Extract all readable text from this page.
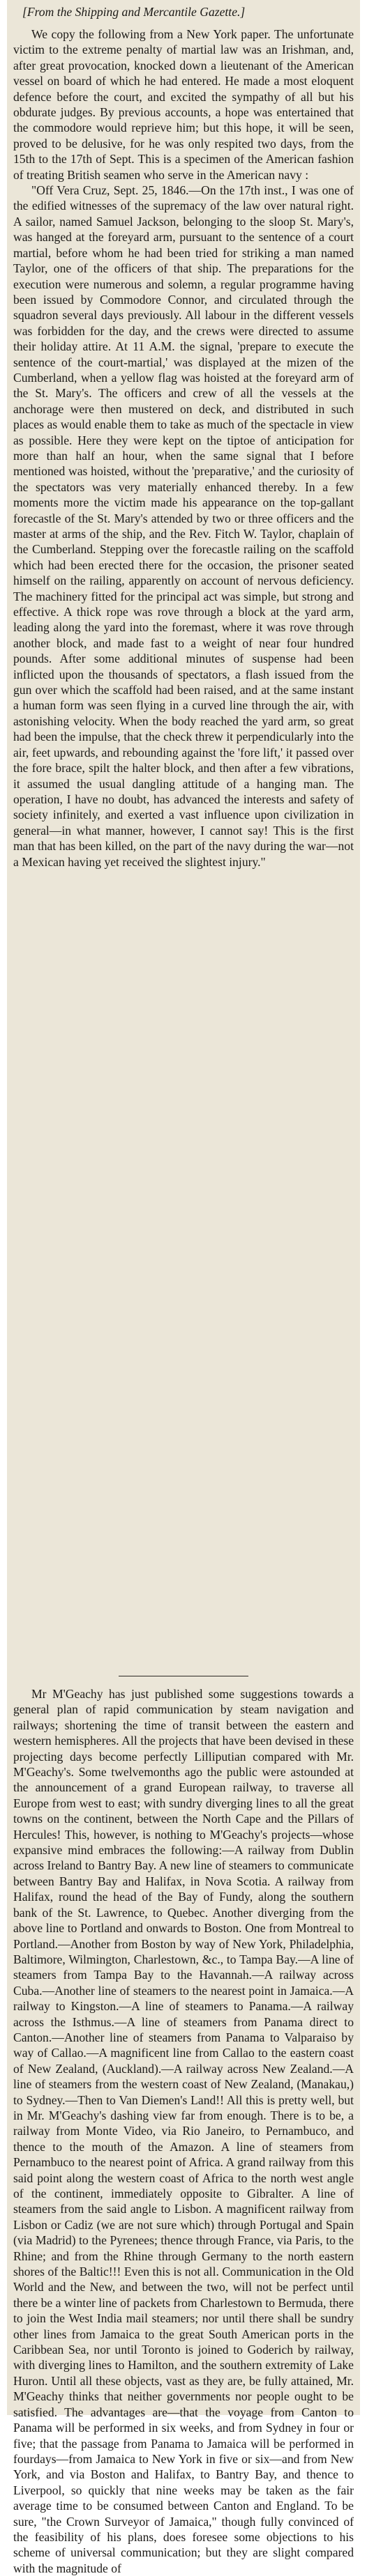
[From the Shipping and Mercantile Gazette.]

We copy the following from a New York paper. The unfortunate victim to the extreme penalty of martial law was an Irishman, and, after great provocation, knocked down a lieutenant of the American vessel on board of which he had entered. He made a most eloquent defence before the court, and excited the sympathy of all but his obdurate judges. By previous accounts, a hope was entertained that the commodore would reprieve him; but this hope, it will be seen, proved to be delusive, for he was only respited two days, from the 15th to the 17th of Sept. This is a specimen of the American fashion of treating British seamen who serve in the American navy :

"Off Vera Cruz, Sept. 25, 1846.—On the 17th inst., I was one of the edified witnesses of the supremacy of the law over natural right. A sailor, named Samuel Jackson, belonging to the sloop St. Mary's, was hanged at the foreyard arm, pursuant to the sentence of a court martial, before whom he had been tried for striking a man named Taylor, one of the officers of that ship. The preparations for the execution were numerous and solemn, a regular programme having been issued by Commodore Connor, and circulated through the squadron several days previously. All labour in the different vessels was forbidden for the day, and the crews were directed to assume their holiday attire. At 11 A.M. the signal, 'prepare to execute the sentence of the court-martial,' was displayed at the mizen of the Cumberland, when a yellow flag was hoisted at the foreyard arm of the St. Mary's. The officers and crew of all the vessels at the anchorage were then mustered on deck, and distributed in such places as would enable them to take as much of the spectacle in view as possible. Here they were kept on the tiptoe of anticipation for more than half an hour, when the same signal that I before mentioned was hoisted, without the 'preparative,' and the curiosity of the spectators was very materially enhanced thereby. In a few moments more the victim made his appearance on the top-gallant forecastle of the St. Mary's attended by two or three officers and the master at arms of the ship, and the Rev. Fitch W. Taylor, chaplain of the Cumberland. Stepping over the forecastle railing on the scaffold which had been erected there for the occasion, the prisoner seated himself on the railing, apparently on account of nervous deficiency. The machinery fitted for the principal act was simple, but strong and effective. A thick rope was rove through a block at the yard arm, leading along the yard into the foremast, where it was rove through another block, and made fast to a weight of near four hundred pounds. After some additional minutes of suspense had been inflicted upon the thousands of spectators, a flash issued from the gun over which the scaffold had been raised, and at the same instant a human form was seen flying in a curved line through the air, with astonishing velocity. When the body reached the yard arm, so great had been the impulse, that the check threw it perpendicularly into the air, feet upwards, and rebounding against the 'fore lift,' it passed over the fore brace, spilt the halter block, and then after a few vibrations, it assumed the usual dangling attitude of a hanging man. The operation, I have no doubt, has advanced the interests and safety of society infinitely, and exerted a vast influence upon civilization in general—in what manner, however, I cannot say! This is the first man that has been killed, on the part of the navy during the war—not a Mexican having yet received the slightest injury."

Mr M'Geachy has just published some suggestions towards a general plan of rapid communication by steam navigation and railways; shortening the time of transit between the eastern and western hemispheres. All the projects that have been devised in these projecting days become perfectly Lilliputian compared with Mr. M'Geachy's. Some twelvemonths ago the public were astounded at the announcement of a grand European railway, to traverse all Europe from west to east; with sundry diverging lines to all the great towns on the continent, between the North Cape and the Pillars of Hercules! This, however, is nothing to M'Geachy's projects—whose expansive mind embraces the following:—A railway from Dublin across Ireland to Bantry Bay. A new line of steamers to communicate between Bantry Bay and Halifax, in Nova Scotia. A railway from Halifax, round the head of the Bay of Fundy, along the southern bank of the St. Lawrence, to Quebec. Another diverging from the above line to Portland and onwards to Boston. One from Montreal to Portland.—Another from Boston by way of New York, Philadelphia, Baltimore, Wilmington, Charlestown, &c., to Tampa Bay.—A line of steamers from Tampa Bay to the Havannah.—A railway across Cuba.—Another line of steamers to the nearest point in Jamaica.—A railway to Kingston.—A line of steamers to Panama.—A railway across the Isthmus.—A line of steamers from Panama direct to Canton.—Another line of steamers from Panama to Valparaiso by way of Callao.—A magnificent line from Callao to the eastern coast of New Zealand, (Auckland).—A railway across New Zealand.—A line of steamers from the western coast of New Zealand, (Manakau,) to Sydney.—Then to Van Diemen's Land!! All this is pretty well, but in Mr. M'Geachy's dashing view far from enough. There is to be, a railway from Monte Video, via Rio Janeiro, to Pernambuco, and thence to the mouth of the Amazon. A line of steamers from Pernambuco to the nearest point of Africa. A grand railway from this said point along the western coast of Africa to the north west angle of the continent, immediately opposite to Gibralter. A line of steamers from the said angle to Lisbon. A magnificent railway from Lisbon or Cadiz (we are not sure which) through Portugal and Spain (via Madrid) to the Pyrenees; thence through France, via Paris, to the Rhine; and from the Rhine through Germany to the north eastern shores of the Baltic!!! Even this is not all. Communication in the Old World and the New, and between the two, will not be perfect until there be a winter line of packets from Charlestown to Bermuda, there to join the West India mail steamers; nor until there shall be sundry other lines from Jamaica to the great South American ports in the Caribbean Sea, nor until Toronto is joined to Goderich by railway, with diverging lines to Hamilton, and the southern extremity of Lake Huron. Until all these objects, vast as they are, be fully attained, Mr. M'Geachy thinks that neither governments nor people ought to be satisfied. The advantages are—that the voyage from Canton to Panama will be performed in six weeks, and from Sydney in four or five; that the passage from Panama to Jamaica will be performed in fourdays—from Jamaica to New York in five or six—and from New York, and via Boston and Halifax, to Bantry Bay, and thence to Liverpool, so quickly that nine weeks may be taken as the fair average time to be consumed between Canton and England. To be sure, "the Crown Surveyor of Jamaica," though fully convinced of the feasibility of his plans, does foresee some objections to his scheme of universal communication; but they are slight compared with the magnitude of
